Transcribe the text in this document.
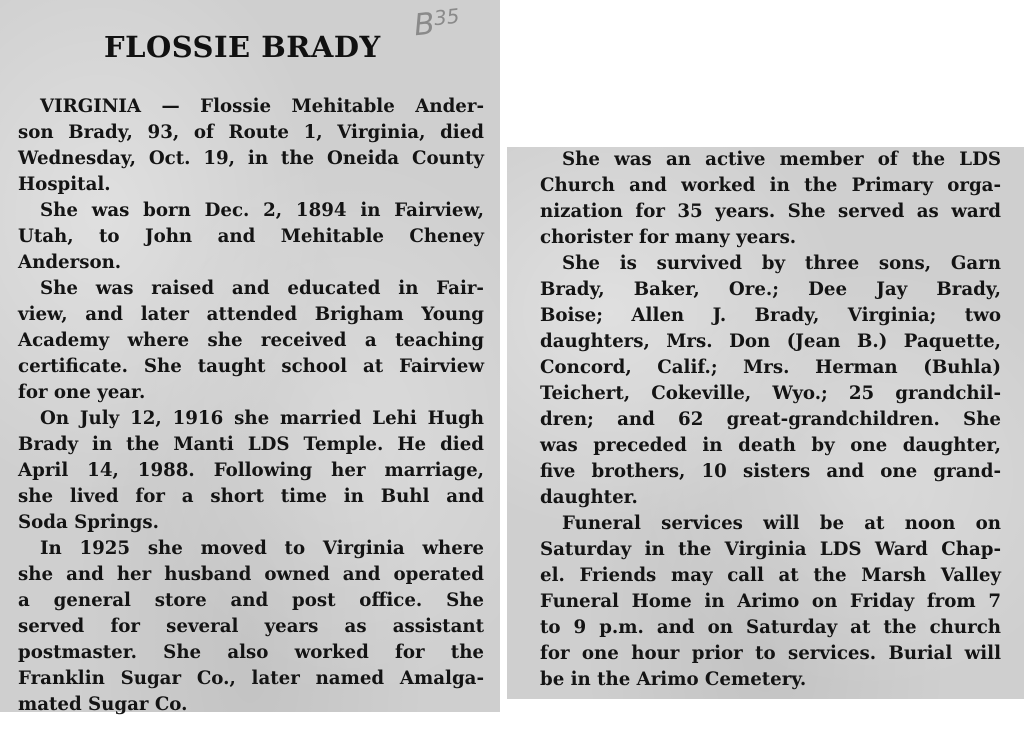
FLOSSIE BRADY
$B^{35}$
VIRGINIA — Flossie Mehitable Ander-
son Brady, 93, of Route 1, Virginia, died
Wednesday, Oct. 19, in the Oneida County
Hospital.
She was born Dec. 2, 1894 in Fairview,
Utah, to John and Mehitable Cheney
Anderson.
She was raised and educated in Fair-
view, and later attended Brigham Young
Academy where she received a teaching
certificate. She taught school at Fairview
for one year.
On July 12, 1916 she married Lehi Hugh
Brady in the Manti LDS Temple. He died
April 14, 1988. Following her marriage,
she lived for a short time in Buhl and
Soda Springs.
In 1925 she moved to Virginia where
she and her husband owned and operated
a general store and post office. She
served for several years as assistant
postmaster. She also worked for the
Franklin Sugar Co., later named Amalga-
mated Sugar Co.
She was an active member of the LDS
Church and worked in the Primary orga-
nization for 35 years. She served as ward
chorister for many years.
She is survived by three sons, Garn
Brady, Baker, Ore.; Dee Jay Brady,
Boise; Allen J. Brady, Virginia; two
daughters, Mrs. Don (Jean B.) Paquette,
Concord, Calif.; Mrs. Herman (Buhla)
Teichert, Cokeville, Wyo.; 25 grandchil-
dren; and 62 great-grandchildren. She
was preceded in death by one daughter,
five brothers, 10 sisters and one grand-
daughter.
Funeral services will be at noon on
Saturday in the Virginia LDS Ward Chap-
el. Friends may call at the Marsh Valley
Funeral Home in Arimo on Friday from 7
to 9 p.m. and on Saturday at the church
for one hour prior to services. Burial will
be in the Arimo Cemetery.
